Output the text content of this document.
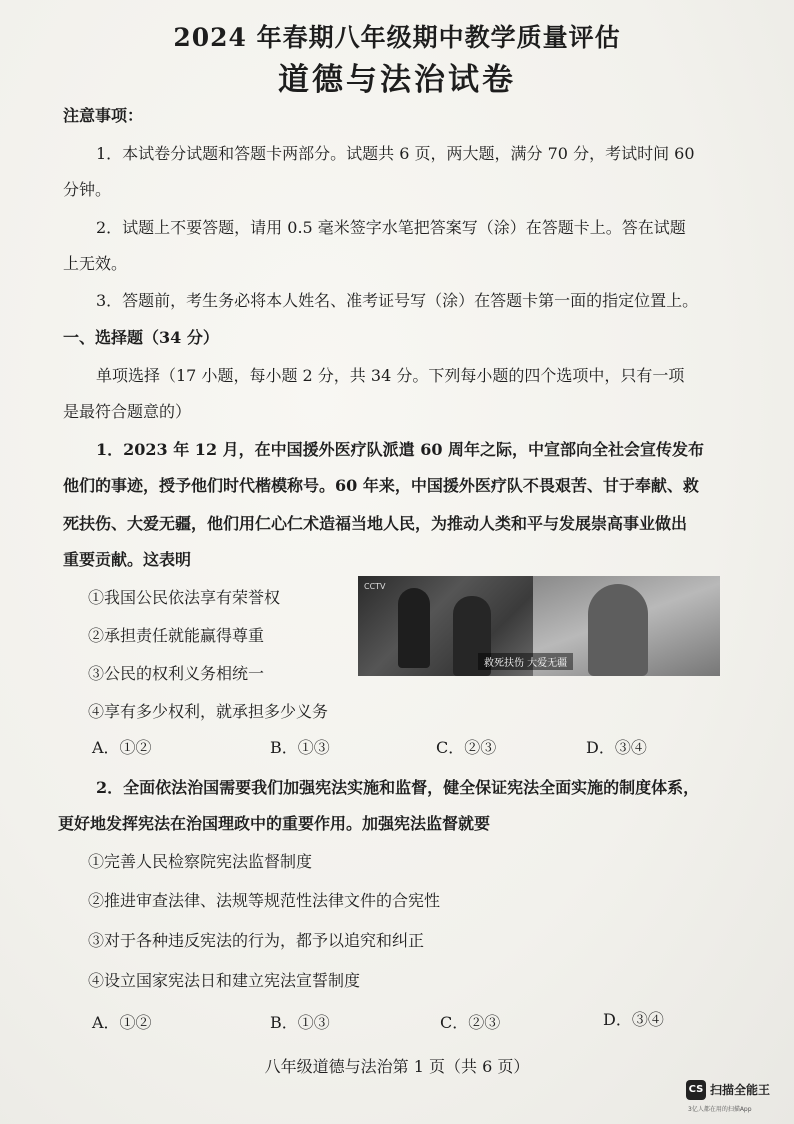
2024 年春期八年级期中教学质量评估
道德与法治试卷
注意事项：
1．本试卷分试题和答题卡两部分。试题共 6 页，两大题，满分 70 分，考试时间 60
分钟。
2．试题上不要答题，请用 0.5 毫米签字水笔把答案写（涂）在答题卡上。答在试题
上无效。
3．答题前，考生务必将本人姓名、准考证号写（涂）在答题卡第一面的指定位置上。
一、选择题（34 分）
单项选择（17 小题，每小题 2 分，共 34 分。下列每小题的四个选项中，只有一项
是最符合题意的）
1．2023 年 12 月，在中国援外医疗队派遣 60 周年之际，中宣部向全社会宣传发布
他们的事迹，授予他们时代楷模称号。60 年来，中国援外医疗队不畏艰苦、甘于奉献、救
死扶伤、大爱无疆，他们用仁心仁术造福当地人民，为推动人类和平与发展崇高事业做出
重要贡献。这表明
①我国公民依法享有荣誉权
②承担责任就能赢得尊重
③公民的权利义务相统一
④享有多少权利，就承担多少义务
CCTV
救死扶伤 大爱无疆
A．①②	B．①③	C．②③	D．③④
2．全面依法治国需要我们加强宪法实施和监督，健全保证宪法全面实施的制度体系，
更好地发挥宪法在治国理政中的重要作用。加强宪法监督就要
①完善人民检察院宪法监督制度
②推进审查法律、法规等规范性法律文件的合宪性
③对于各种违反宪法的行为，都予以追究和纠正
④设立国家宪法日和建立宪法宣誓制度
A．①②	B．①③	C．②③	D．③④
八年级道德与法治第 1 页（共 6 页）
CS 扫描全能王
3亿人都在用的扫描App
